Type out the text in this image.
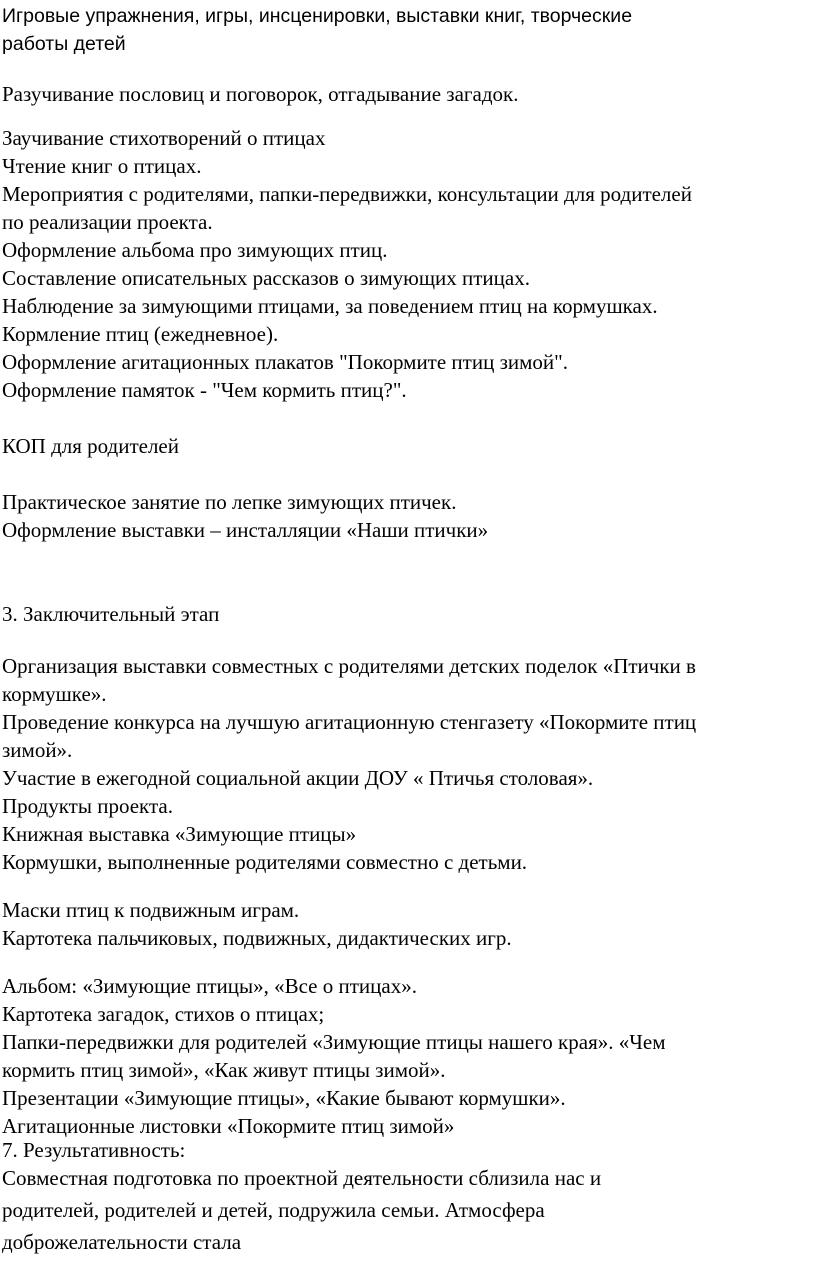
Игровые упражнения, игры, инсценировки, выставки книг, творческие
работы детей
Разучивание пословиц и поговорок, отгадывание загадок.
Заучивание стихотворений о птицах
Чтение книг о птицах.
Мероприятия с родителями, папки-передвижки, консультации для родителей
по реализации проекта.
Оформление альбома про зимующих птиц.
Составление описательных рассказов о зимующих птицах.
Наблюдение за зимующими птицами, за поведением птиц на кормушках.
Кормление птиц (ежедневное).
Оформление агитационных плакатов "Покормите птиц зимой".
Оформление памяток - "Чем кормить птиц?".
КОП для родителей
Практическое занятие по лепке зимующих птичек.
Оформление выставки – инсталляции «Наши птички»
3. Заключительный этап
Организация выставки совместных с родителями детских поделок «Птички в
кормушке».
Проведение конкурса на лучшую агитационную стенгазету «Покормите птиц
зимой».
Участие в ежегодной социальной акции ДОУ « Птичья столовая».
Продукты проекта.
Книжная выставка «Зимующие птицы»
Кормушки, выполненные родителями совместно с детьми.
Маски птиц к подвижным играм.
Картотека пальчиковых, подвижных, дидактических игр.
Альбом: «Зимующие птицы», «Все о птицах».
Картотека загадок, стихов о птицах;
Папки-передвижки для родителей «Зимующие птицы нашего края». «Чем
кормить птиц зимой», «Как живут птицы зимой».
Презентации «Зимующие птицы», «Какие бывают кормушки».
Агитационные листовки «Покормите птиц зимой»
7. Результативность:
Совместная подготовка по проектной деятельности сблизила нас и
родителей, родителей и детей, подружила семьи. Атмосфера
доброжелательности стала
